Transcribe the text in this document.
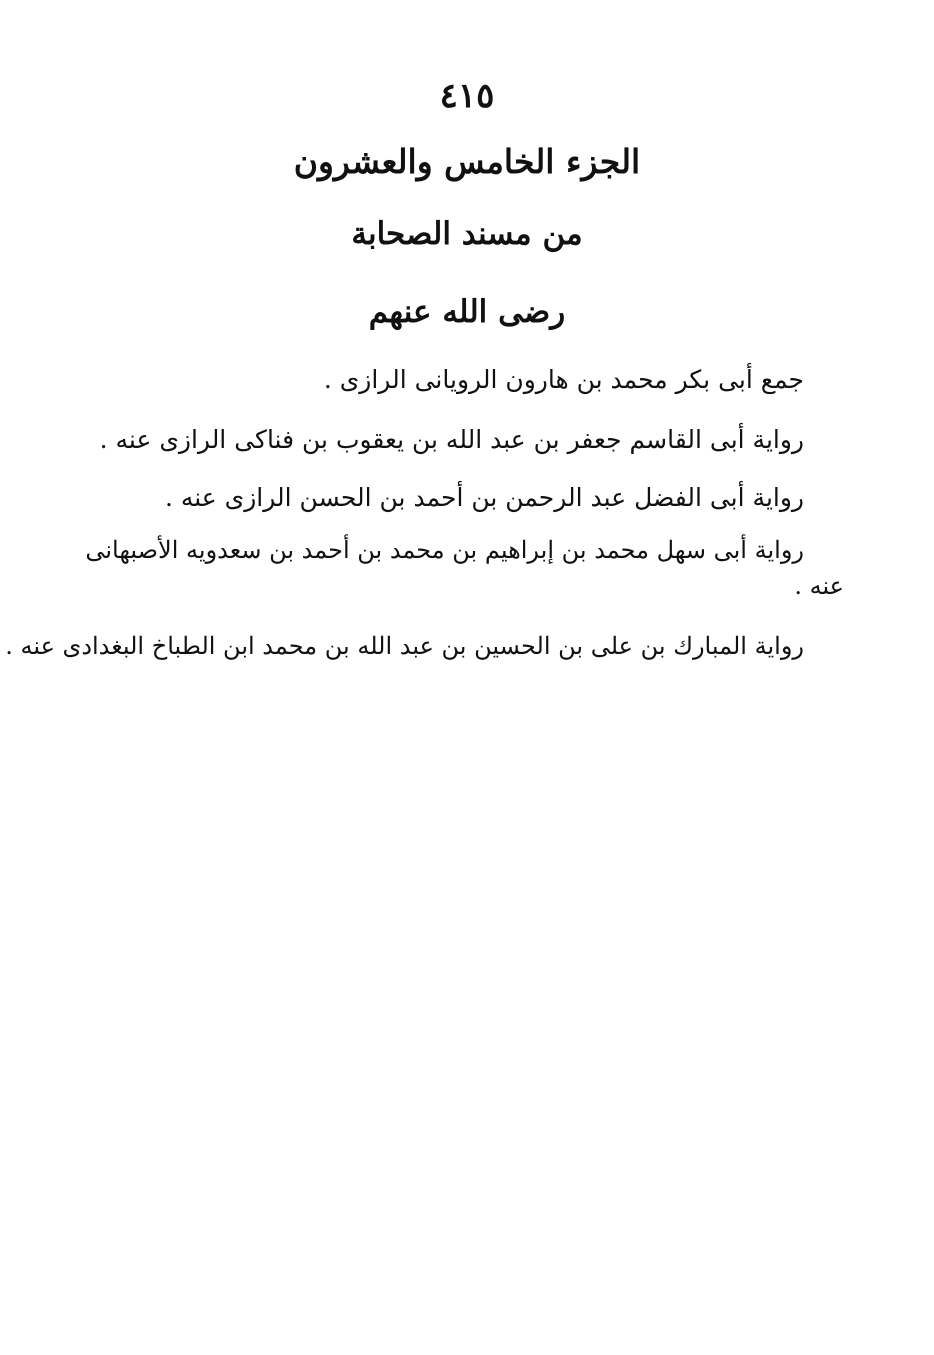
٤١٥
الجزء الخامس والعشرون
من مسند الصحابة
رضى الله عنهم
جمع أبى بكر محمد بن هارون الرويانى الرازى .
رواية أبى القاسم جعفر بن عبد الله بن يعقوب بن فناكى الرازى عنه .
رواية أبى الفضل عبد الرحمن بن أحمد بن الحسن الرازى عنه .
رواية أبى سهل محمد بن إبراهيم بن محمد بن أحمد بن سعدويه الأصبهانى
عنه .
رواية المبارك بن على بن الحسين بن عبد الله بن محمد ابن الطباخ البغدادى عنه .
